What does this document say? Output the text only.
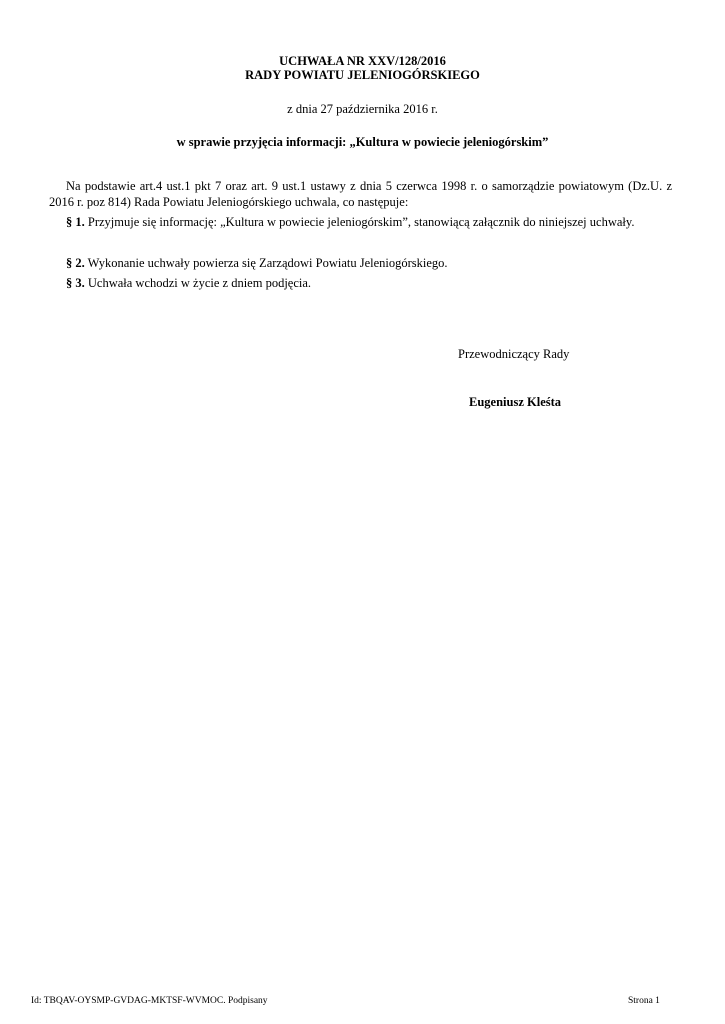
UCHWAŁA NR XXV/128/2016
RADY POWIATU JELENIOGÓRSKIEGO
z dnia 27 października 2016 r.
w sprawie przyjęcia informacji: „Kultura w powiecie jeleniogórskim”
Na podstawie art.4 ust.1 pkt 7 oraz art. 9 ust.1 ustawy z dnia 5 czerwca 1998 r. o samorządzie powiatowym (Dz.U. z 2016 r. poz 814) Rada Powiatu Jeleniogórskiego uchwala, co następuje:
§ 1. Przyjmuje się informację: „Kultura w powiecie jeleniogórskim”, stanowiącą załącznik do niniejszej uchwały.
§ 2. Wykonanie uchwały powierza się Zarządowi Powiatu Jeleniogórskiego.
§ 3. Uchwała wchodzi w życie z dniem podjęcia.
Przewodniczący Rady
Eugeniusz Kleśta
Id: TBQAV-OYSMP-GVDAG-MKTSF-WVMOC. Podpisany	Strona 1
